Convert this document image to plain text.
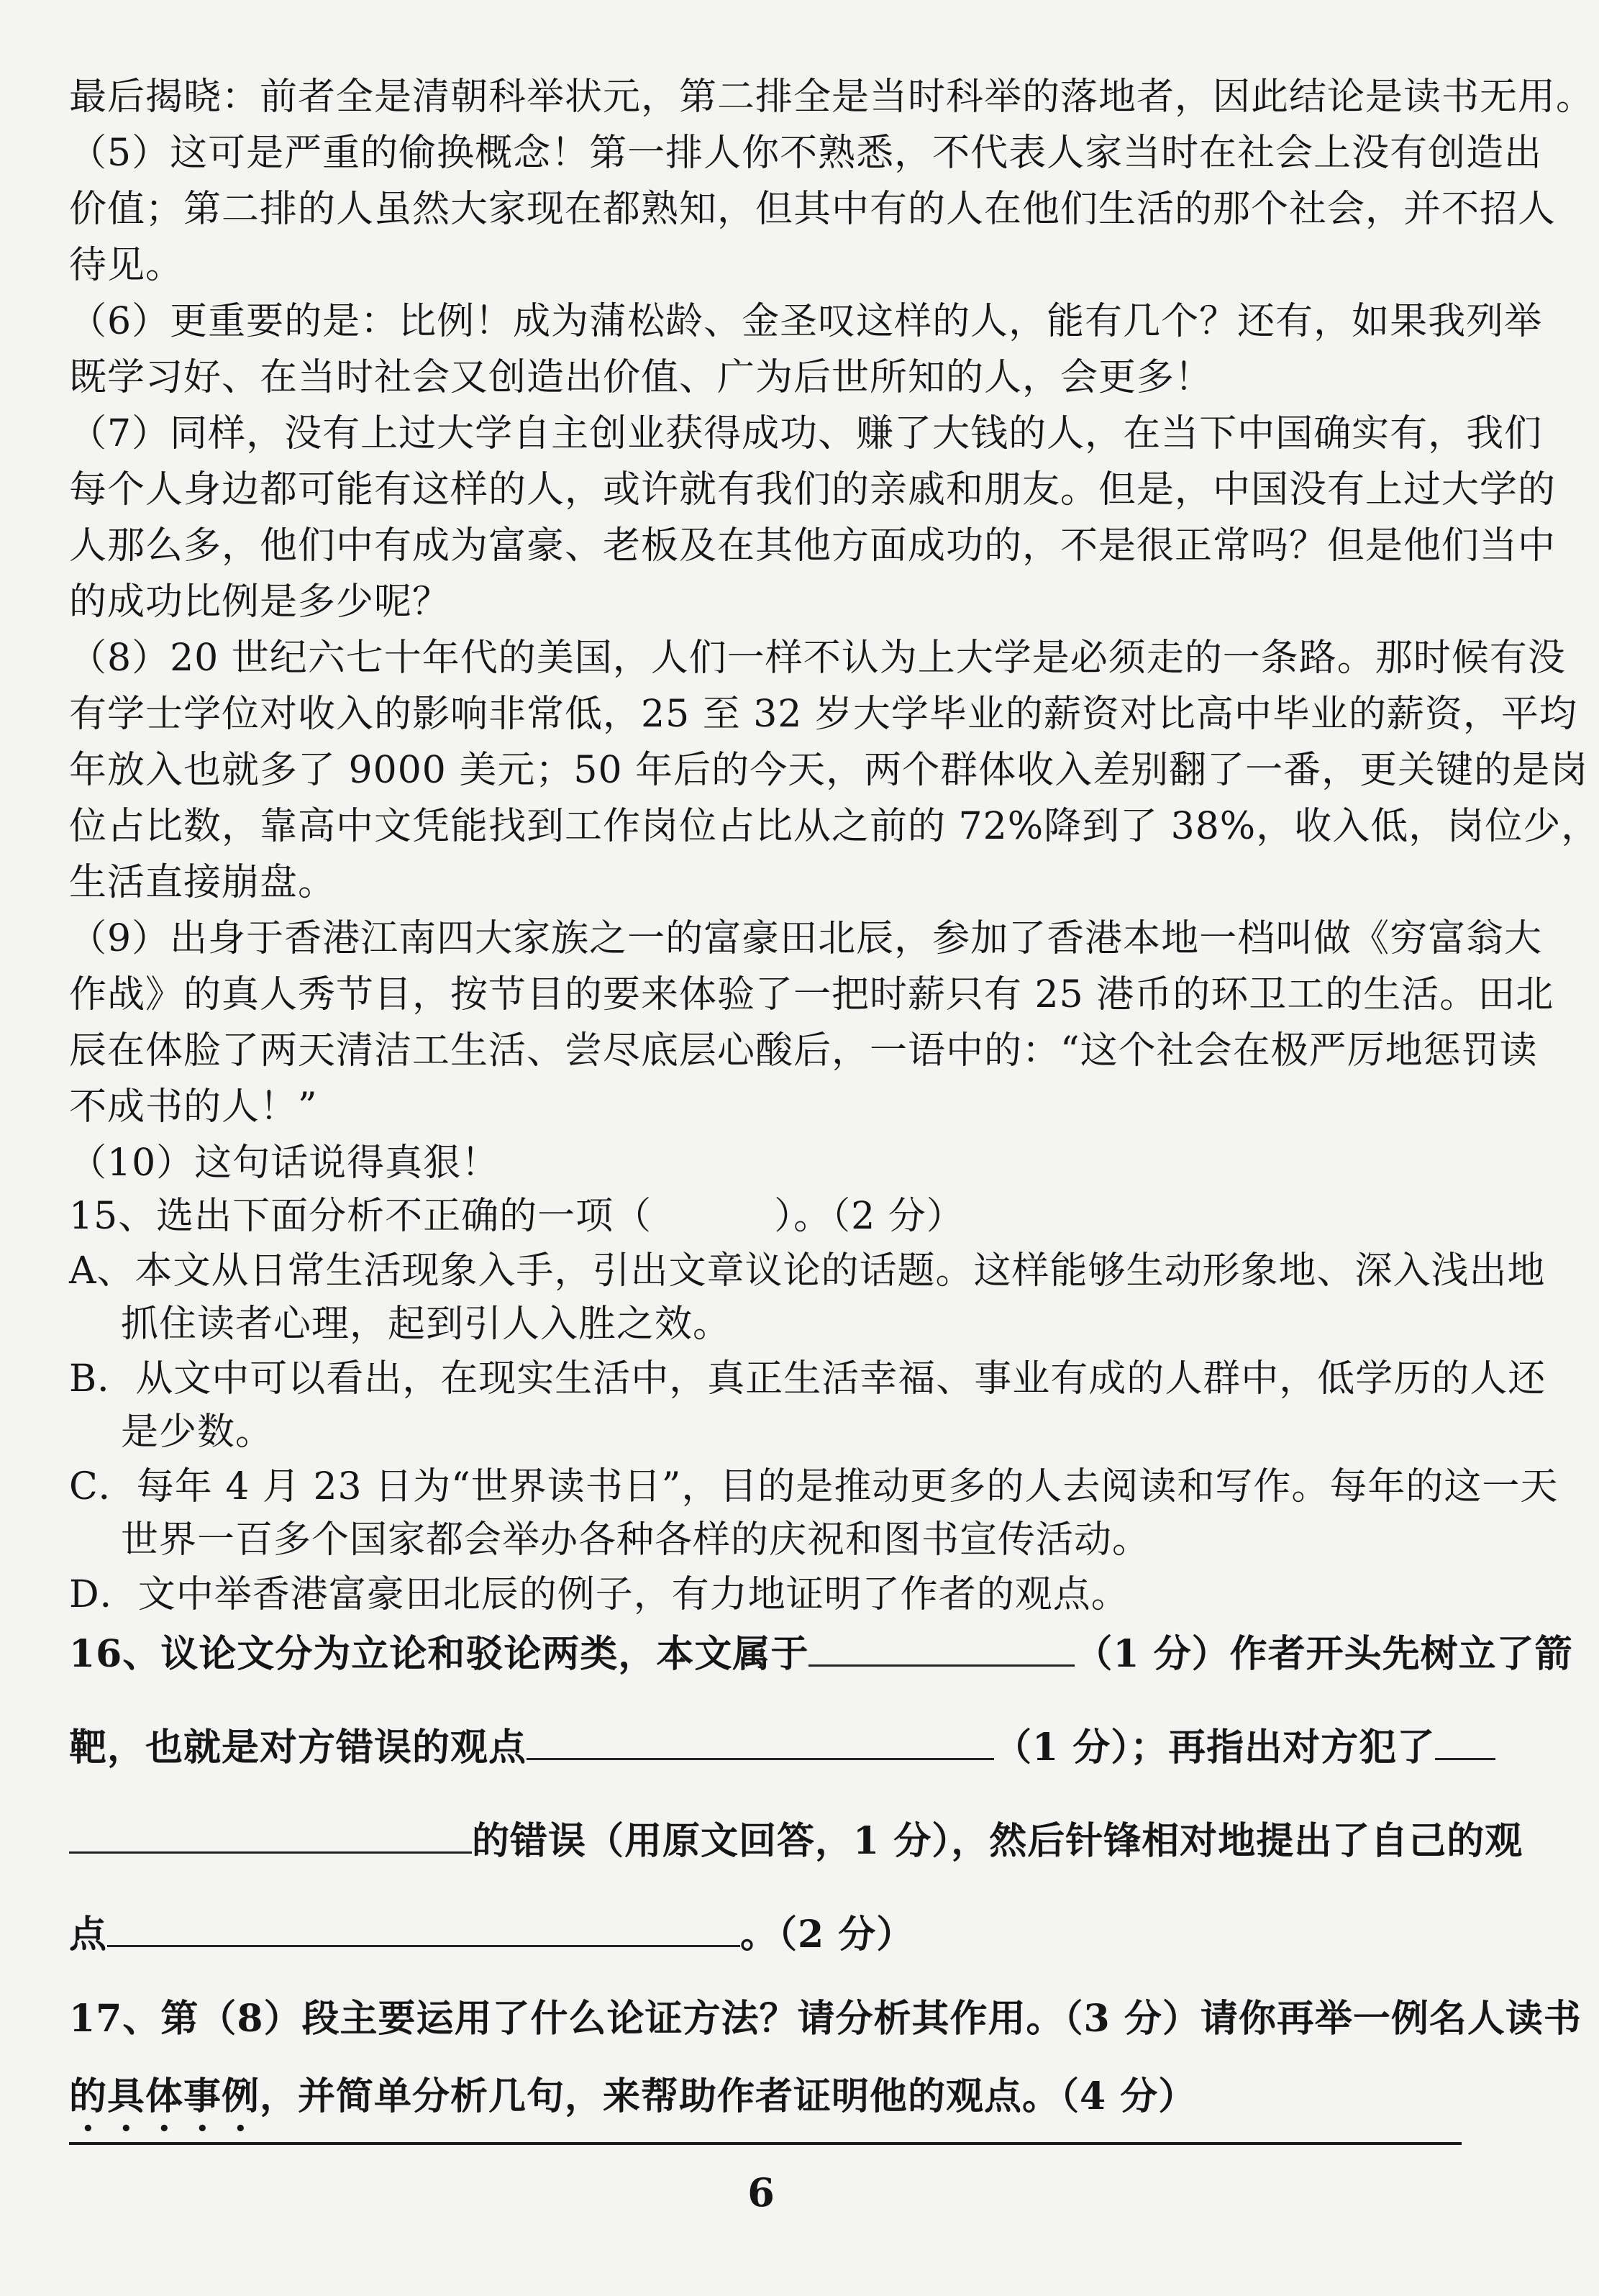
最后揭晓：前者全是清朝科举状元，第二排全是当时科举的落地者，因此结论是读书无用。
（5）这可是严重的偷换概念！第一排人你不熟悉，不代表人家当时在社会上没有创造出
价值；第二排的人虽然大家现在都熟知，但其中有的人在他们生活的那个社会，并不招人
待见。
（6）更重要的是：比例！成为蒲松龄、金圣叹这样的人，能有几个？还有，如果我列举
既学习好、在当时社会又创造出价值、广为后世所知的人，会更多！
（7）同样，没有上过大学自主创业获得成功、赚了大钱的人，在当下中国确实有，我们
每个人身边都可能有这样的人，或许就有我们的亲戚和朋友。但是，中国没有上过大学的
人那么多，他们中有成为富豪、老板及在其他方面成功的，不是很正常吗？但是他们当中
的成功比例是多少呢？
（8）20 世纪六七十年代的美国，人们一样不认为上大学是必须走的一条路。那时候有没
有学士学位对收入的影响非常低，25 至 32 岁大学毕业的薪资对比高中毕业的薪资，平均
年放入也就多了 9000 美元；50 年后的今天，两个群体收入差别翻了一番，更关键的是岗
位占比数，靠高中文凭能找到工作岗位占比从之前的 72%降到了 38%，收入低，岗位少，
生活直接崩盘。
（9）出身于香港江南四大家族之一的富豪田北辰，参加了香港本地一档叫做《穷富翁大
作战》的真人秀节目，按节目的要来体验了一把时薪只有 25 港币的环卫工的生活。田北
辰在体脸了两天清洁工生活、尝尽底层心酸后，一语中的：“这个社会在极严厉地惩罚读
不成书的人！”
（10）这句话说得真狠！
15、选出下面分析不正确的一项（	）。（2 分）
A、本文从日常生活现象入手，引出文章议论的话题。这样能够生动形象地、深入浅出地
抓住读者心理，起到引人入胜之效。
B．从文中可以看出，在现实生活中，真正生活幸福、事业有成的人群中，低学历的人还
是少数。
C．每年 4 月 23 日为“世界读书日”，目的是推动更多的人去阅读和写作。每年的这一天
世界一百多个国家都会举办各种各样的庆祝和图书宣传活动。
D．文中举香港富豪田北辰的例子，有力地证明了作者的观点。
16、议论文分为立论和驳论两类，本文属于	（1 分）作者开头先树立了箭
靶，也就是对方错误的观点	（1 分）；再指出对方犯了
的错误（用原文回答，1 分），然后针锋相对地提出了自己的观
点	。（2 分）
17、第（8）段主要运用了什么论证方法？请分析其作用。（3 分）请你再举一例名人读书
的具体事例，并简单分析几句，来帮助作者证明他的观点。（4 分）
6
